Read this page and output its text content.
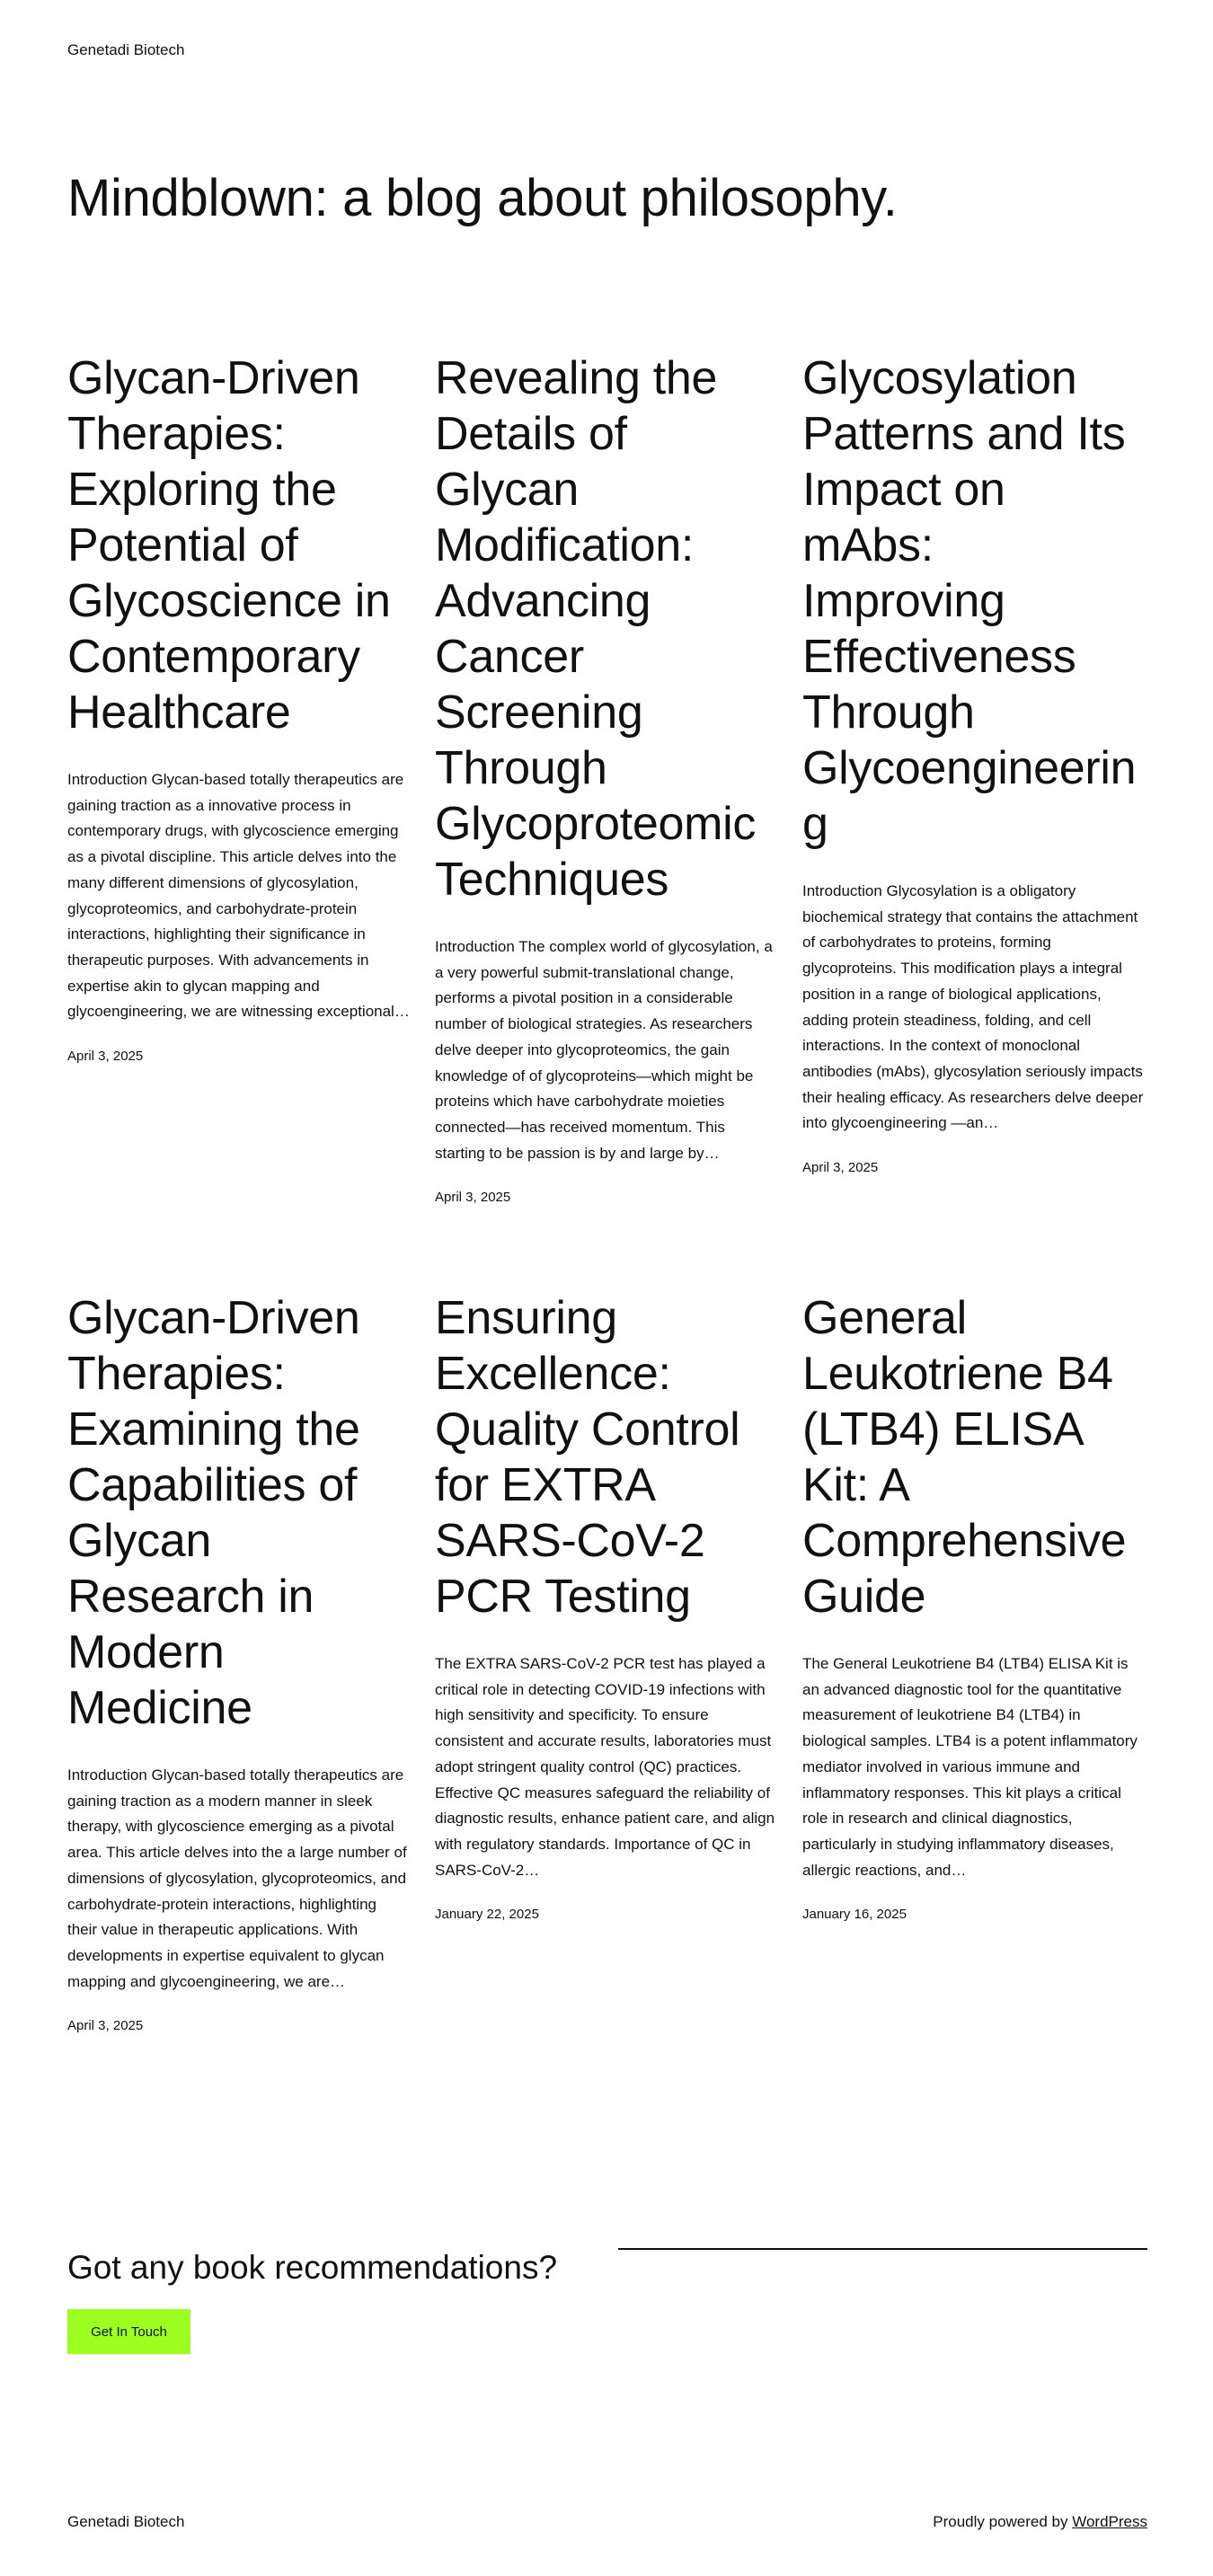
Genetadi Biotech
Mindblown: a blog about philosophy.
Glycan-Driven Therapies: Exploring the Potential of Glycoscience in Contemporary Healthcare

Introduction Glycan-based totally therapeutics are gaining traction as a innovative process in contemporary drugs, with glycoscience emerging as a pivotal discipline. This article delves into the many different dimensions of glycosylation, glycoproteomics, and carbohydrate-protein interactions, highlighting their significance in therapeutic purposes. With advancements in expertise akin to glycan mapping and glycoengineering, we are witnessing exceptional…

April 3, 2025

Revealing the Details of Glycan Modification: Advancing Cancer Screening Through Glycoproteomic Techniques

Introduction The complex world of glycosylation, a a very powerful submit-translational change, performs a pivotal position in a considerable number of biological strategies. As researchers delve deeper into glycoproteomics, the gain knowledge of of glycoproteins—which might be proteins which have carbohydrate moieties connected—has received momentum. This starting to be passion is by and large by…

April 3, 2025

Glycosylation Patterns and Its Impact on mAbs: Improving Effectiveness Through Glycoengineering

Introduction Glycosylation is a obligatory biochemical strategy that contains the attachment of carbohydrates to proteins, forming glycoproteins. This modification plays a integral position in a range of biological applications, adding protein steadiness, folding, and cell interactions. In the context of monoclonal antibodies (mAbs), glycosylation seriously impacts their healing efficacy. As researchers delve deeper into glycoengineering —an…

April 3, 2025

Glycan-Driven Therapies: Examining the Capabilities of Glycan Research in Modern Medicine

Introduction Glycan-based totally therapeutics are gaining traction as a modern manner in sleek therapy, with glycoscience emerging as a pivotal area. This article delves into the a large number of dimensions of glycosylation, glycoproteomics, and carbohydrate-protein interactions, highlighting their value in therapeutic applications. With developments in expertise equivalent to glycan mapping and glycoengineering, we are…

April 3, 2025

Ensuring Excellence: Quality Control for EXTRA SARS-CoV-2 PCR Testing

The EXTRA SARS-CoV-2 PCR test has played a critical role in detecting COVID-19 infections with high sensitivity and specificity. To ensure consistent and accurate results, laboratories must adopt stringent quality control (QC) practices. Effective QC measures safeguard the reliability of diagnostic results, enhance patient care, and align with regulatory standards. Importance of QC in SARS-CoV-2…

January 22, 2025

General Leukotriene B4 (LTB4) ELISA Kit: A Comprehensive Guide

The General Leukotriene B4 (LTB4) ELISA Kit is an advanced diagnostic tool for the quantitative measurement of leukotriene B4 (LTB4) in biological samples. LTB4 is a potent inflammatory mediator involved in various immune and inflammatory responses. This kit plays a critical role in research and clinical diagnostics, particularly in studying inflammatory diseases, allergic reactions, and…

January 16, 2025

Got any book recommendations?
Get In Touch
Genetadi Biotech	Proudly powered by WordPress
